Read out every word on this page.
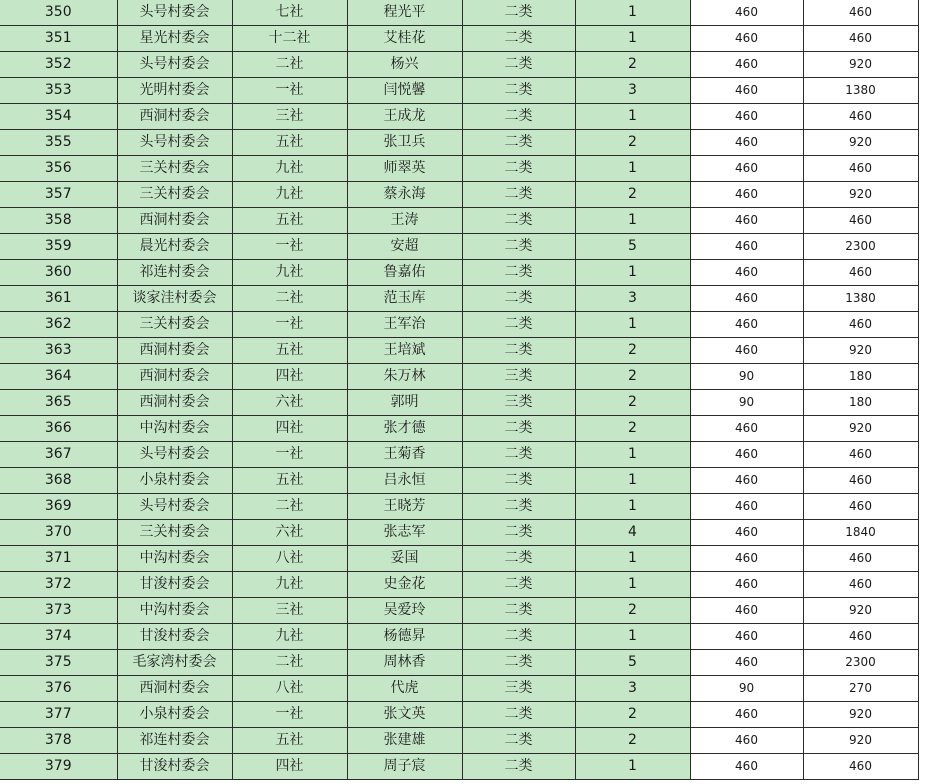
350	头号村委会	七社	程光平	二类	1	460	460
351	星光村委会	十二社	艾桂花	二类	1	460	460
352	头号村委会	二社	杨兴	二类	2	460	920
353	光明村委会	一社	闫悦馨	二类	3	460	1380
354	西洞村委会	三社	王成龙	二类	1	460	460
355	头号村委会	五社	张卫兵	二类	2	460	920
356	三关村委会	九社	师翠英	二类	1	460	460
357	三关村委会	九社	蔡永海	二类	2	460	920
358	西洞村委会	五社	王涛	二类	1	460	460
359	晨光村委会	一社	安超	二类	5	460	2300
360	祁连村委会	九社	鲁嘉佑	二类	1	460	460
361	谈家洼村委会	二社	范玉库	二类	3	460	1380
362	三关村委会	一社	王军治	二类	1	460	460
363	西洞村委会	五社	王培斌	二类	2	460	920
364	西洞村委会	四社	朱万林	三类	2	90	180
365	西洞村委会	六社	郭明	三类	2	90	180
366	中沟村委会	四社	张才德	二类	2	460	920
367	头号村委会	一社	王菊香	二类	1	460	460
368	小泉村委会	五社	吕永恒	二类	1	460	460
369	头号村委会	二社	王晓芳	二类	1	460	460
370	三关村委会	六社	张志军	二类	4	460	1840
371	中沟村委会	八社	妥国	二类	1	460	460
372	甘浚村委会	九社	史金花	二类	1	460	460
373	中沟村委会	三社	吴爱玲	二类	2	460	920
374	甘浚村委会	九社	杨德昇	二类	1	460	460
375	毛家湾村委会	二社	周林香	二类	5	460	2300
376	西洞村委会	八社	代虎	三类	3	90	270
377	小泉村委会	一社	张文英	二类	2	460	920
378	祁连村委会	五社	张建雄	二类	2	460	920
379	甘浚村委会	四社	周子宸	二类	1	460	460
